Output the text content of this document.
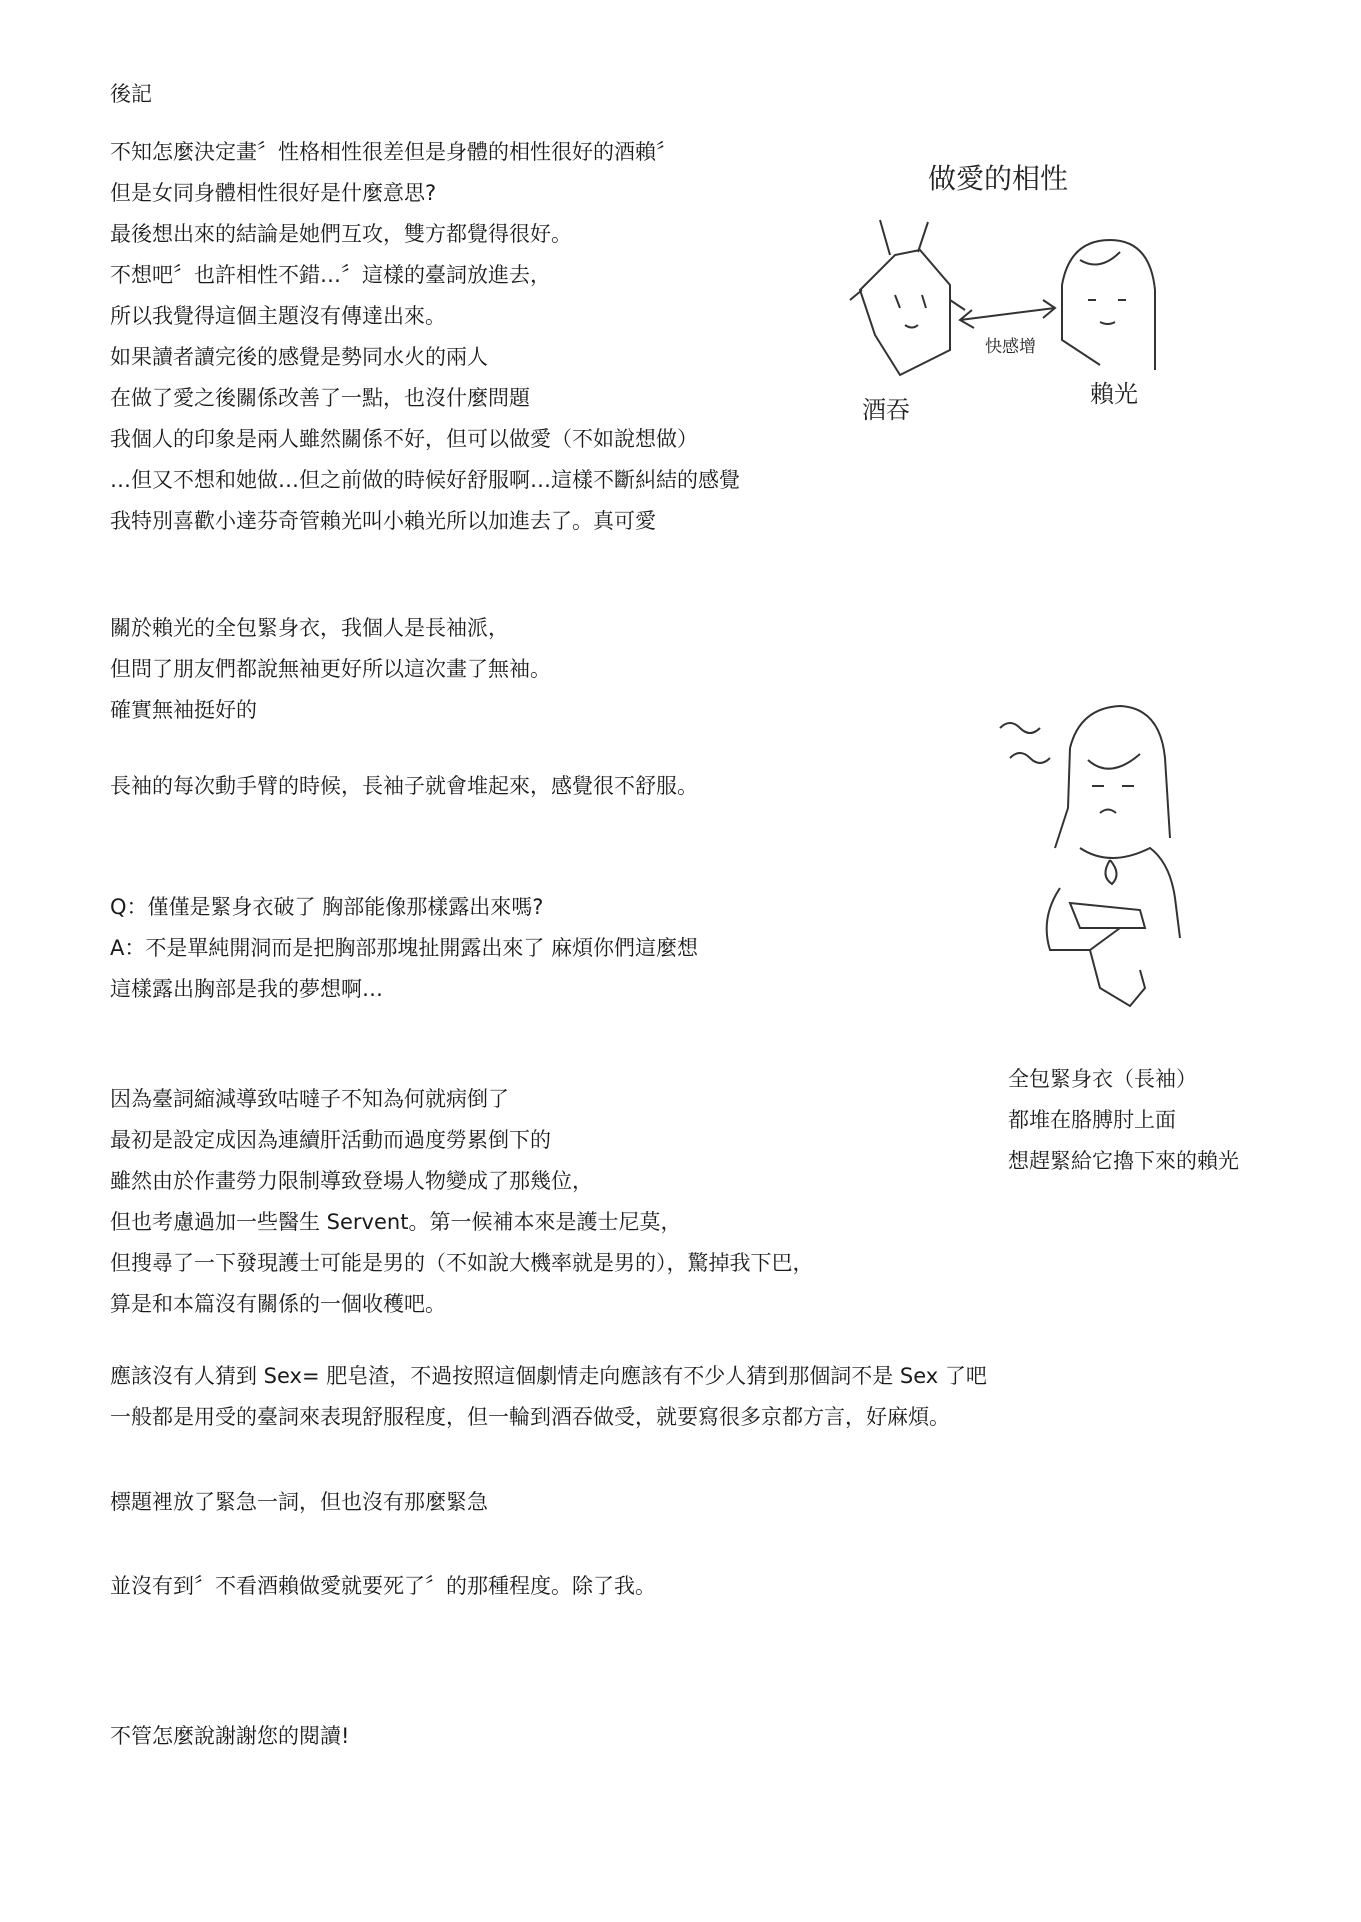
後記
不知怎麼決定畫〞性格相性很差但是身體的相性很好的酒賴〞
但是女同身體相性很好是什麼意思?
最後想出來的結論是她們互攻，雙方都覺得很好。
不想吧〞也許相性不錯…〞這樣的臺詞放進去，
所以我覺得這個主題沒有傳達出來。
如果讀者讀完後的感覺是勢同水火的兩人
在做了愛之後關係改善了一點，也沒什麼問題
我個人的印象是兩人雖然關係不好，但可以做愛（不如說想做）
…但又不想和她做…但之前做的時候好舒服啊…這樣不斷糾結的感覺
我特別喜歡小達芬奇管賴光叫小賴光所以加進去了。真可愛
關於賴光的全包緊身衣，我個人是長袖派，
但問了朋友們都說無袖更好所以這次畫了無袖。
確實無袖挺好的
長袖的每次動手臂的時候，長袖子就會堆起來，感覺很不舒服。
Q：僅僅是緊身衣破了 胸部能像那樣露出來嗎?
A：不是單純開洞而是把胸部那塊扯開露出來了 麻煩你們這麼想
這樣露出胸部是我的夢想啊…
因為臺詞縮減導致咕噠子不知為何就病倒了
最初是設定成因為連續肝活動而過度勞累倒下的
雖然由於作畫勞力限制導致登場人物變成了那幾位，
但也考慮過加一些醫生 Servent。第一候補本來是護士尼莫，
但搜尋了一下發現護士可能是男的（不如說大機率就是男的），驚掉我下巴，
算是和本篇沒有關係的一個收穫吧。
應該沒有人猜到 Sex= 肥皂渣，不過按照這個劇情走向應該有不少人猜到那個詞不是 Sex 了吧
一般都是用受的臺詞來表現舒服程度，但一輪到酒吞做受，就要寫很多京都方言，好麻煩。
標題裡放了緊急一詞，但也沒有那麼緊急
並沒有到〞不看酒賴做愛就要死了〞的那種程度。除了我。
不管怎麼說謝謝您的閱讀!
做愛的相性
快感增
酒吞
賴光
全包緊身衣（長袖）
都堆在胳膊肘上面
想趕緊給它擼下來的賴光
